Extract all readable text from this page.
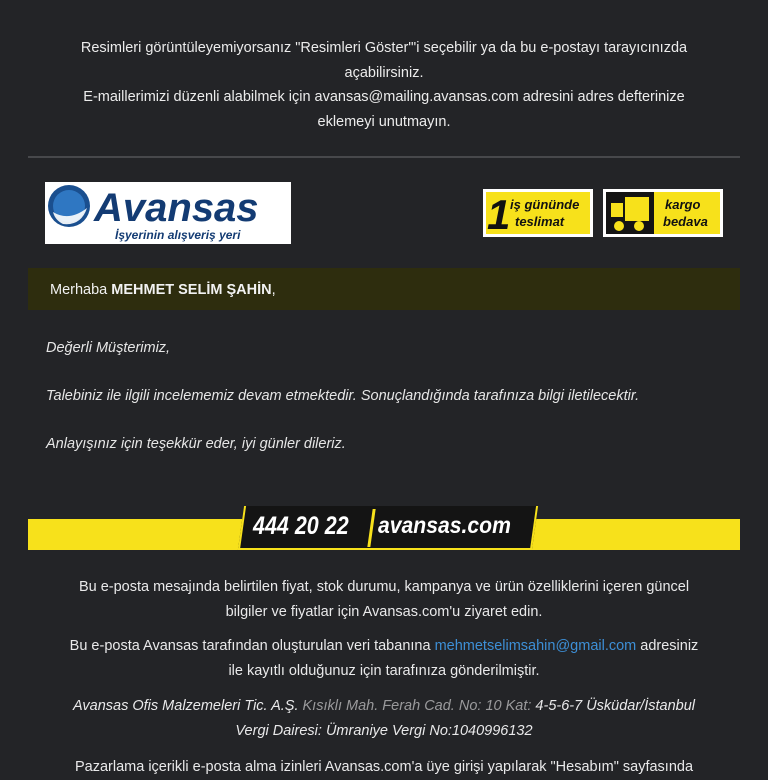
Resimleri görüntüleyemiyorsanız "Resimleri Göster"'i seçebilir ya da bu e-postayı tarayıcınızda

açabilirsiniz.

E-maillerimizi düzenli alabilmek için avansas@mailing.avansas.com adresini adres defterinize

eklemeyi unutmayın.

Avansas
İşyerinin alışveriş yeri	1 iş gününde
teslimat
kargo
bedava
Merhaba MEHMET SELİM ŞAHİN,

Değerli Müşterimiz,

Talebiniz ile ilgili incelememiz devam etmektedir. Sonuçlandığında tarafınıza bilgi iletilecektir.

Anlayışınız için teşekkür eder, iyi günler dileriz.

444 20 22 avansas.com

Bu e-posta mesajında belirtilen fiyat, stok durumu, kampanya ve ürün özelliklerini içeren güncel

bilgiler ve fiyatlar için Avansas.com'u ziyaret edin.

Bu e-posta Avansas tarafından oluşturulan veri tabanına mehmetselimsahin@gmail.com adresiniz

ile kayıtlı olduğunuz için tarafınıza gönderilmiştir.

Avansas Ofis Malzemeleri Tic. A.Ş. Kısıklı Mah. Ferah Cad. No: 10 Kat: 4-5-6-7 Üsküdar/İstanbul

Vergi Dairesi: Ümraniye Vergi No:1040996132

Pazarlama içerikli e-posta alma izinleri Avansas.com'a üye girişi yapılarak "Hesabım" sayfasında
